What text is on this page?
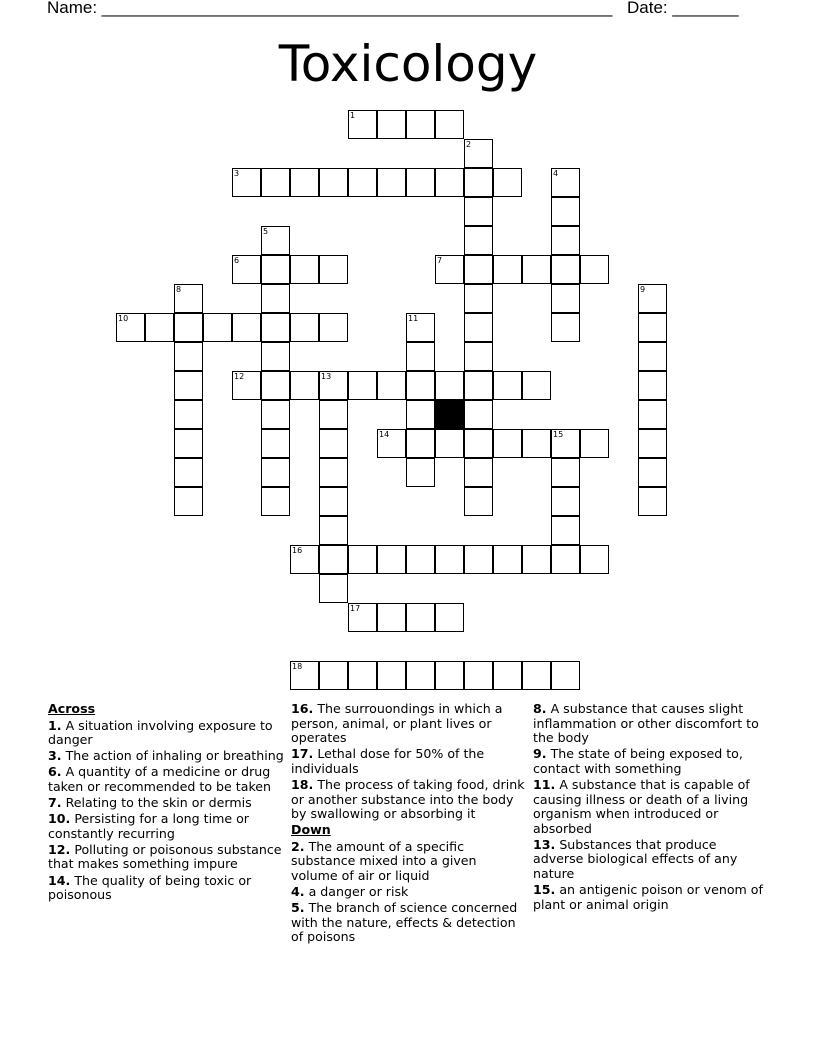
Name: ______________________________________________________ Date: _______
Toxicology
1
2
3	4
5
6	7
8	9
10	11
12	13
14	15
16
17
18
Across
1. A situation involving exposure to danger
3. The action of inhaling or breathing
6. A quantity of a medicine or drug taken or recommended to be taken
7. Relating to the skin or dermis
10. Persisting for a long time or constantly recurring
12. Polluting or poisonous substance that makes something impure
14. The quality of being toxic or poisonous
16. The surrouondings in which a person, animal, or plant lives or operates
17. Lethal dose for 50% of the individuals
18. The process of taking food, drink or another substance into the body by swallowing or absorbing it
Down
2. The amount of a specific substance mixed into a given volume of air or liquid
4. a danger or risk
5. The branch of science concerned with the nature, effects & detection of poisons
8. A substance that causes slight inflammation or other discomfort to the body
9. The state of being exposed to, contact with something
11. A substance that is capable of causing illness or death of a living organism when introduced or absorbed
13. Substances that produce adverse biological effects of any nature
15. an antigenic poison or venom of plant or animal origin
